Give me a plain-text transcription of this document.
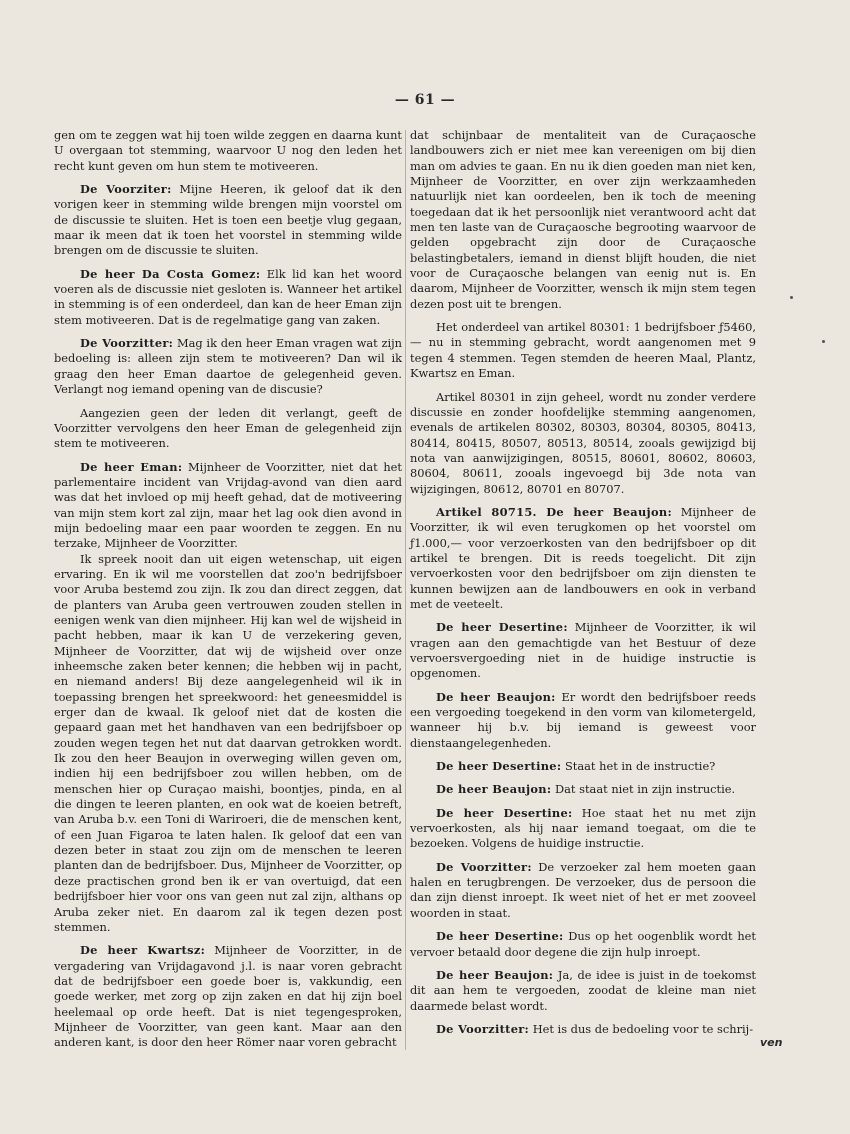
— 61 —

gen om te zeggen wat hij toen wilde zeggen en daarna kunt U overgaan tot stemming, waarvoor U nog den leden het recht kunt geven om hun stem te motiveeren.

De Voorziter: Mijne Heeren, ik geloof dat ik den vorigen keer in stemming wilde brengen mijn voorstel om de discussie te sluiten. Het is toen een beetje vlug gegaan, maar ik meen dat ik toen het voorstel in stemming wilde brengen om de discussie te sluiten.

De heer Da Costa Gomez: Elk lid kan het woord voeren als de discussie niet gesloten is. Wanneer het artikel in stemming is of een onderdeel, dan kan de heer Eman zijn stem motiveeren. Dat is de regelmatige gang van zaken.

De Voorzitter: Mag ik den heer Eman vragen wat zijn bedoeling is: alleen zijn stem te motiveeren? Dan wil ik graag den heer Eman daartoe de gelegenheid geven. Verlangt nog iemand opening van de discusie?

Aangezien geen der leden dit verlangt, geeft de Voorzitter vervolgens den heer Eman de gelegenheid zijn stem te motiveeren.

De heer Eman: Mijnheer de Voorzitter, niet dat het parlementaire incident van Vrijdag-avond van dien aard was dat het invloed op mij heeft gehad, dat de motiveering van mijn stem kort zal zijn, maar het lag ook dien avond in mijn bedoeling maar een paar woorden te zeggen. En nu terzake, Mijnheer de Voorzitter.

Ik spreek nooit dan uit eigen wetenschap, uit eigen ervaring. En ik wil me voorstellen dat zoo'n bedrijfsboer voor Aruba bestemd zou zijn. Ik zou dan direct zeggen, dat de planters van Aruba geen vertrouwen zouden stellen in eenigen wenk van dien mijnheer. Hij kan wel de wijsheid in pacht hebben, maar ik kan U de verzekering geven, Mijnheer de Voorzitter, dat wij de wijsheid over onze inheemsche zaken beter kennen; die hebben wij in pacht, en niemand anders! Bij deze aangelegenheid wil ik in toepassing brengen het spreekwoord: het geneesmiddel is erger dan de kwaal. Ik geloof niet dat de kosten die gepaard gaan met het handhaven van een bedrijfsboer op zouden wegen tegen het nut dat daarvan getrokken wordt. Ik zou den heer Beaujon in overweging willen geven om, indien hij een bedrijfsboer zou willen hebben, om de menschen hier op Curaçao maishi, boontjes, pinda, en al die dingen te leeren planten, en ook wat de koeien betreft, van Aruba b.v. een Toni di Wariroeri, die de menschen kent, of een Juan Figaroa te laten halen. Ik geloof dat een van dezen beter in staat zou zijn om de menschen te leeren planten dan de bedrijfsboer. Dus, Mijnheer de Voorzitter, op deze practischen grond ben ik er van overtuigd, dat een bedrijfsboer hier voor ons van geen nut zal zijn, althans op Aruba zeker niet. En daarom zal ik tegen dezen post stemmen.

De heer Kwartsz: Mijnheer de Voorzitter, in de vergadering van Vrijdagavond j.l. is naar voren gebracht dat de bedrijfsboer een goede boer is, vakkundig, een goede werker, met zorg op zijn zaken en dat hij zijn boel heelemaal op orde heeft. Dat is niet tegengesproken, Mijnheer de Voorzitter, van geen kant. Maar aan den anderen kant, is door den heer Römer naar voren gebracht

dat schijnbaar de mentaliteit van de Curaçaosche landbouwers zich er niet mee kan vereenigen om bij dien man om advies te gaan. En nu ik dien goeden man niet ken, Mijnheer de Voorzitter, en over zijn werkzaamheden natuurlijk niet kan oordeelen, ben ik toch de meening toegedaan dat ik het persoonlijk niet verantwoord acht dat men ten laste van de Curaçaosche begrooting waarvoor de gelden opgebracht zijn door de Curaçaosche belastingbetalers, iemand in dienst blijft houden, die niet voor de Curaçaosche belangen van eenig nut is. En daarom, Mijnheer de Voorzitter, wensch ik mijn stem tegen dezen post uit te brengen.

Het onderdeel van artikel 80301: 1 bedrijfsboer ƒ5460,— nu in stemming gebracht, wordt aangenomen met 9 tegen 4 stemmen. Tegen stemden de heeren Maal, Plantz, Kwartsz en Eman.

Artikel 80301 in zijn geheel, wordt nu zonder verdere discussie en zonder hoofdelijke stemming aangenomen, evenals de artikelen 80302, 80303, 80304, 80305, 80413, 80414, 80415, 80507, 80513, 80514, zooals gewijzigd bij nota van aanwijzigingen, 80515, 80601, 80602, 80603, 80604, 80611, zooals ingevoegd bij 3de nota van wijzigingen, 80612, 80701 en 80707.

Artikel 80715. De heer Beaujon: Mijnheer de Voorzitter, ik wil even terugkomen op het voorstel om ƒ1.000,— voor verzoerkosten van den bedrijfsboer op dit artikel te brengen. Dit is reeds toegelicht. Dit zijn vervoerkosten voor den bedrijfsboer om zijn diensten te kunnen bewijzen aan de landbouwers en ook in verband met de veeteelt.

De heer Desertine: Mijnheer de Voorzitter, ik wil vragen aan den gemachtigde van het Bestuur of deze vervoersvergoeding niet in de huidige instructie is opgenomen.

De heer Beaujon: Er wordt den bedrijfsboer reeds een vergoeding toegekend in den vorm van kilometergeld, wanneer hij b.v. bij iemand is geweest voor dienstaangelegenheden.

De heer Desertine: Staat het in de instructie?

De heer Beaujon: Dat staat niet in zijn instructie.

De heer Desertine: Hoe staat het nu met zijn vervoerkosten, als hij naar iemand toegaat, om die te bezoeken. Volgens de huidige instructie.

De Voorzitter: De verzoeker zal hem moeten gaan halen en terugbrengen. De verzoeker, dus de persoon die dan zijn dienst inroept. Ik weet niet of het er met zooveel woorden in staat.

De heer Desertine: Dus op het oogenblik wordt het vervoer betaald door degene die zijn hulp inroept.

De heer Beaujon: Ja, de idee is juist in de toekomst dit aan hem te vergoeden, zoodat de kleine man niet daarmede belast wordt.

De Voorzitter: Het is dus de bedoeling voor te schrij-

ven
